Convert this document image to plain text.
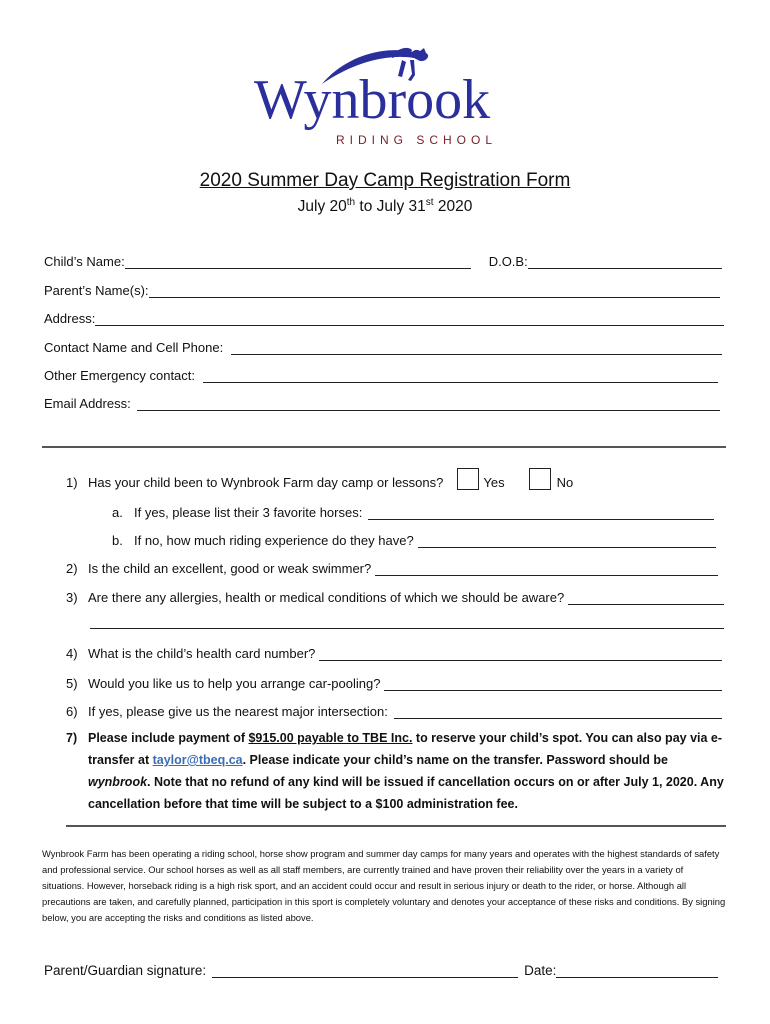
Wynbrook
RIDING SCHOOL
2020 Summer Day Camp Registration Form
July 20th to July 31st 2020
Child’s Name:	D.O.B:
Parent’s Name(s):
Address:
Contact Name and Cell Phone:
Other Emergency contact:
Email Address:
1) Has your child been to Wynbrook Farm day camp or lessons?	Yes	No
a. If yes, please list their 3 favorite horses:
b. If no, how much riding experience do they have?
2) Is the child an excellent, good or weak swimmer?
3) Are there any allergies, health or medical conditions of which we should be aware?
4) What is the child’s health card number?
5) Would you like us to help you arrange car-pooling?
6) If yes, please give us the nearest major intersection:
7) Please include payment of $915.00 payable to TBE Inc. to reserve your child’s spot. You can also pay via e-transfer at taylor@tbeq.ca. Please indicate your child’s name on the transfer. Password should be wynbrook. Note that no refund of any kind will be issued if cancellation occurs on or after July 1, 2020. Any cancellation before that time will be subject to a $100 administration fee.
Wynbrook Farm has been operating a riding school, horse show program and summer day camps for many years and operates with the highest standards of safety and professional service. Our school horses as well as all staff members, are currently trained and have proven their reliability over the years in a variety of situations. However, horseback riding is a high risk sport, and an accident could occur and result in serious injury or death to the rider, or horse. Although all precautions are taken, and carefully planned, participation in this sport is completely voluntary and denotes your acceptance of these risks and conditions. By signing below, you are accepting the risks and conditions as listed above.
Parent/Guardian signature:	Date:
